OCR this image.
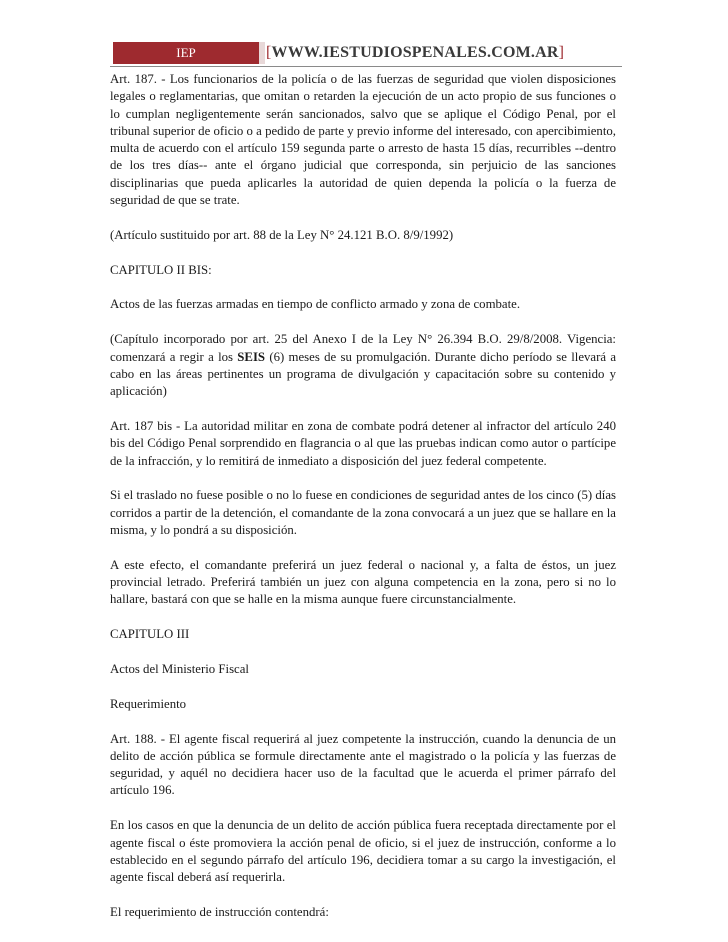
IEP	[WWW.IESTUDIOSPENALES.COM.AR]

Art. 187. - Los funcionarios de la policía o de las fuerzas de seguridad que violen disposiciones legales o reglamentarias, que omitan o retarden la ejecución de un acto propio de sus funciones o lo cumplan negligentemente serán sancionados, salvo que se aplique el Código Penal, por el tribunal superior de oficio o a pedido de parte y previo informe del interesado, con apercibimiento, multa de acuerdo con el artículo 159 segunda parte o arresto de hasta 15 días, recurribles --dentro de los tres días-- ante el órgano judicial que corresponda, sin perjuicio de las sanciones disciplinarias que pueda aplicarles la autoridad de quien dependa la policía o la fuerza de seguridad de que se trate.

(Artículo sustituido por art. 88 de la Ley N° 24.121 B.O. 8/9/1992)

CAPITULO II BIS:

Actos de las fuerzas armadas en tiempo de conflicto armado y zona de combate.

(Capítulo incorporado por art. 25 del Anexo I de la Ley N° 26.394 B.O. 29/8/2008. Vigencia: comenzará a regir a los SEIS (6) meses de su promulgación. Durante dicho período se llevará a cabo en las áreas pertinentes un programa de divulgación y capacitación sobre su contenido y aplicación)

Art. 187 bis - La autoridad militar en zona de combate podrá detener al infractor del artículo 240 bis del Código Penal sorprendido en flagrancia o al que las pruebas indican como autor o partícipe de la infracción, y lo remitirá de inmediato a disposición del juez federal competente.

Si el traslado no fuese posible o no lo fuese en condiciones de seguridad antes de los cinco (5) días corridos a partir de la detención, el comandante de la zona convocará a un juez que se hallare en la misma, y lo pondrá a su disposición.

A este efecto, el comandante preferirá un juez federal o nacional y, a falta de éstos, un juez provincial letrado. Preferirá también un juez con alguna competencia en la zona, pero si no lo hallare, bastará con que se halle en la misma aunque fuere circunstancialmente.

CAPITULO III

Actos del Ministerio Fiscal

Requerimiento

Art. 188. - El agente fiscal requerirá al juez competente la instrucción, cuando la denuncia de un delito de acción pública se formule directamente ante el magistrado o la policía y las fuerzas de seguridad, y aquél no decidiera hacer uso de la facultad que le acuerda el primer párrafo del artículo 196.

En los casos en que la denuncia de un delito de acción pública fuera receptada directamente por el agente fiscal o éste promoviera la acción penal de oficio, si el juez de instrucción, conforme a lo establecido en el segundo párrafo del artículo 196, decidiera tomar a su cargo la investigación, el agente fiscal deberá así requerirla.

El requerimiento de instrucción contendrá:
